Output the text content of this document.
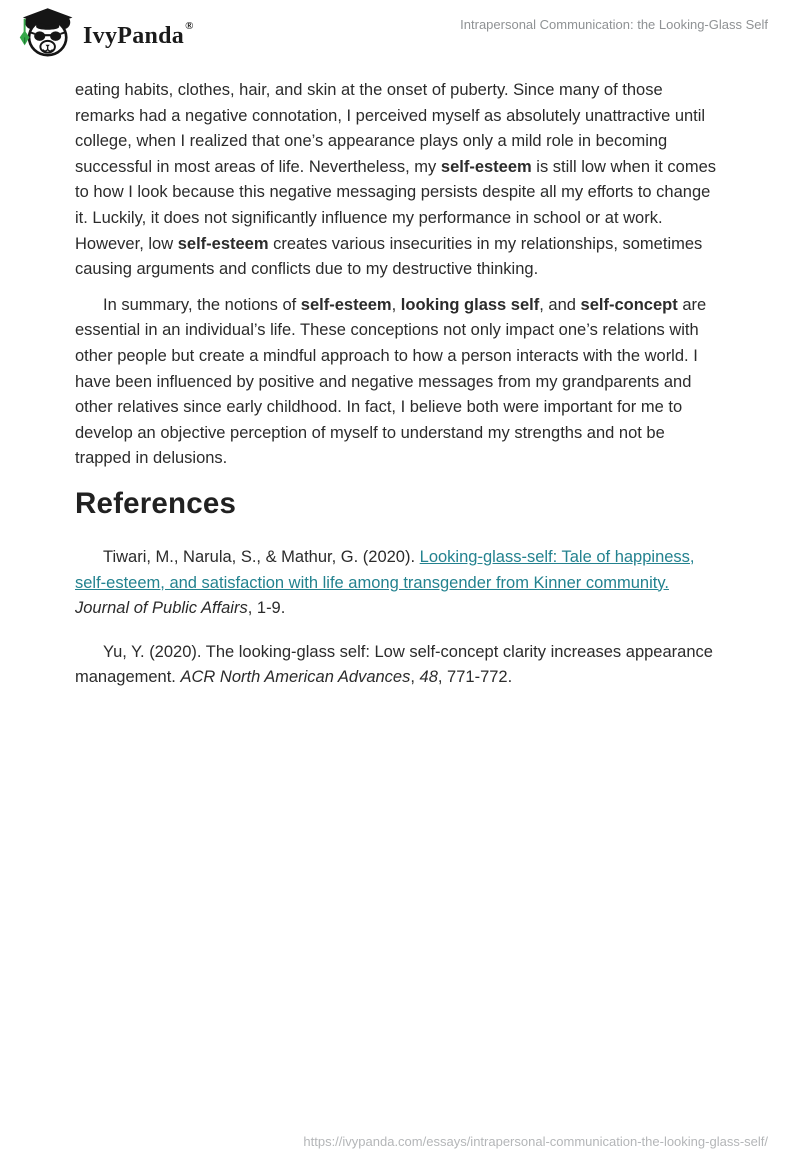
IvyPanda®	Intrapersonal Communication: the Looking-Glass Self

eating habits, clothes, hair, and skin at the onset of puberty. Since many of those remarks had a negative connotation, I perceived myself as absolutely unattractive until college, when I realized that one’s appearance plays only a mild role in becoming successful in most areas of life. Nevertheless, my self-esteem is still low when it comes to how I look because this negative messaging persists despite all my efforts to change it. Luckily, it does not significantly influence my performance in school or at work. However, low self-esteem creates various insecurities in my relationships, sometimes causing arguments and conflicts due to my destructive thinking.

In summary, the notions of self-esteem, looking glass self, and self-concept are essential in an individual’s life. These conceptions not only impact one’s relations with other people but create a mindful approach to how a person interacts with the world. I have been influenced by positive and negative messages from my grandparents and other relatives since early childhood. In fact, I believe both were important for me to develop an objective perception of myself to understand my strengths and not be trapped in delusions.

References

Tiwari, M., Narula, S., & Mathur, G. (2020). Looking-glass-self: Tale of happiness, self-esteem, and satisfaction with life among transgender from Kinner community. Journal of Public Affairs, 1-9.

Yu, Y. (2020). The looking-glass self: Low self-concept clarity increases appearance management. ACR North American Advances, 48, 771-772.

https://ivypanda.com/essays/intrapersonal-communication-the-looking-glass-self/
